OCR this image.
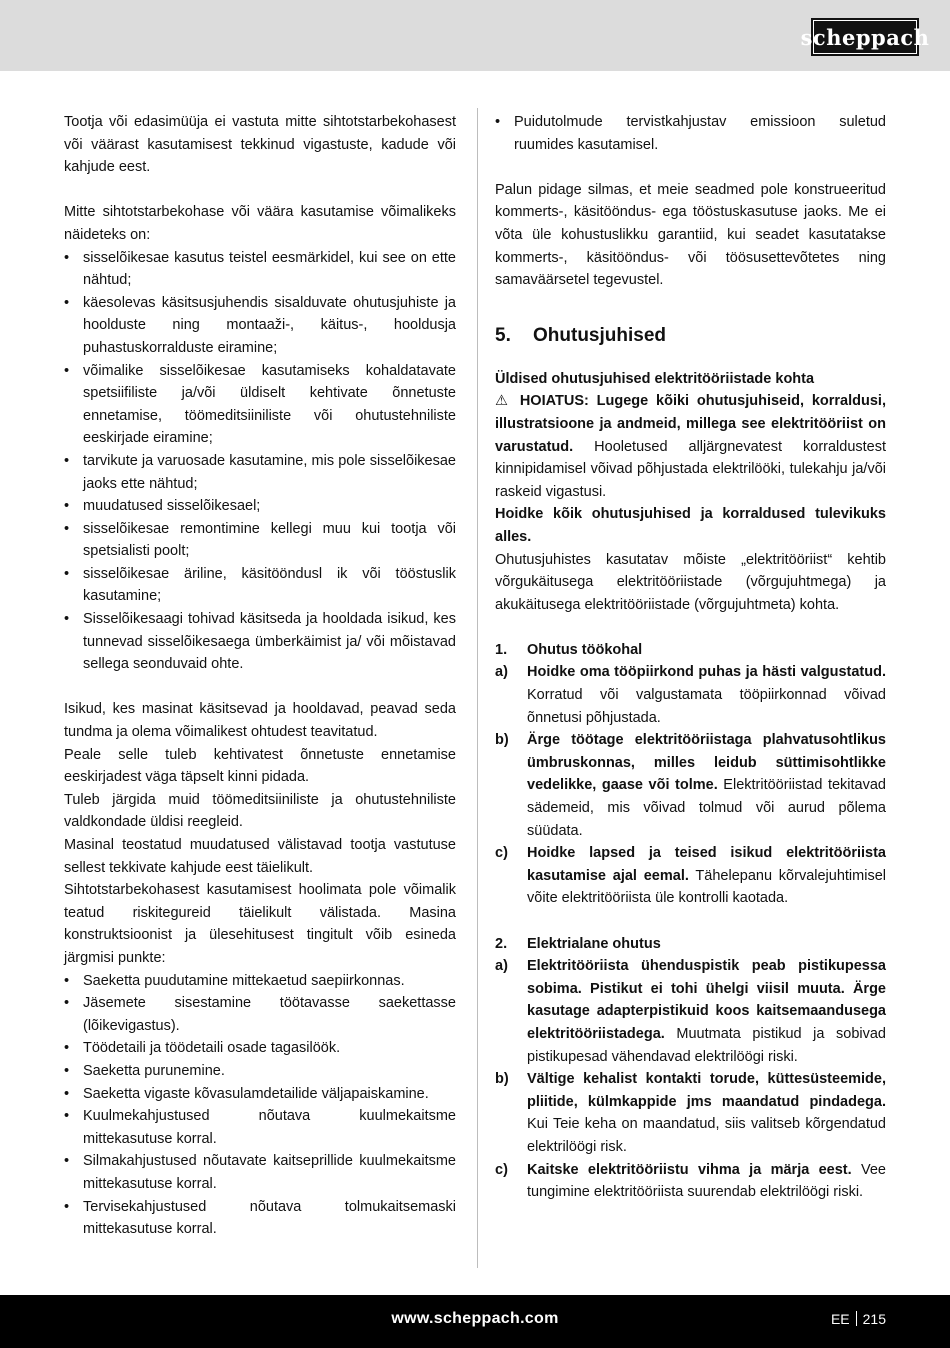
scheppach

Tootja või edasimüüja ei vastuta mitte sihtotstarbekohasest või väärast kasutamisest tekkinud vigastuste, kadude või kahjude eest.

Mitte sihtotstarbekohase või väära kasutamise võimalikeks näideteks on:

• sisselõikesae kasutus teistel eesmärkidel, kui see on ette nähtud;
• käesolevas käsitsusjuhendis sisalduvate ohutusjuhiste ja hoolduste ning montaaži-, käitus-, hooldusja puhastuskorralduste eiramine;
• võimalike sisselõikesae kasutamiseks kohaldatavate spetsiifiliste ja/või üldiselt kehtivate õnnetuste ennetamise, töömeditsiiniliste või ohutustehniliste eeskirjade eiramine;
• tarvikute ja varuosade kasutamine, mis pole sisselõikesae jaoks ette nähtud;
• muudatused sisselõikesael;
• sisselõikesae remontimine kellegi muu kui tootja või spetsialisti poolt;
• sisselõikesae äriline, käsitööndusl ik või tööstuslik kasutamine;
• Sisselõikesaagi tohivad käsitseda ja hooldada isikud, kes tunnevad sisselõikesaega ümberkäimist ja/ või mõistavad sellega seonduvaid ohte.

Isikud, kes masinat käsitsevad ja hooldavad, peavad seda tundma ja olema võimalikest ohtudest teavitatud.

Peale selle tuleb kehtivatest õnnetuste ennetamise eeskirjadest väga täpselt kinni pidada.

Tuleb järgida muid töömeditsiiniliste ja ohutustehniliste valdkondade üldisi reegleid.

Masinal teostatud muudatused välistavad tootja vastutuse sellest tekkivate kahjude eest täielikult.

Sihtotstarbekohasest kasutamisest hoolimata pole võimalik teatud riskitegureid täielikult välistada. Masina konstruktsioonist ja ülesehitusest tingitult võib esineda järgmisi punkte:

• Saeketta puudutamine mittekaetud saepiirkonnas.
• Jäsemete sisestamine töötavasse saekettasse (lõikevigastus).
• Töödetaili ja töödetaili osade tagasilöök.
• Saeketta purunemine.
• Saeketta vigaste kõvasulamdetailide väljapaiskamine.
• Kuulmekahjustused nõutava kuulmekaitsme mittekasutuse korral.
• Silmakahjustused nõutavate kaitseprillide kuulmekaitsme mittekasutuse korral.
• Tervisekahjustused nõutava tolmukaitsemaski mittekasutuse korral.
• Puidutolmude tervistkahjustav emissioon suletud ruumides kasutamisel.

Palun pidage silmas, et meie seadmed pole konstrueeritud kommerts-, käsitööndus- ega tööstuskasutuse jaoks. Me ei võta üle kohustuslikku garantiid, kui seadet kasutatakse kommerts-, käsitööndus- või töösusettevõtetes ning samaväärsetel tegevustel.

5. Ohutusjuhised

Üldised ohutusjuhised elektritööriistade kohta

⚠ HOIATUS: Lugege kõiki ohutusjuhiseid, korraldusi, illustratsioone ja andmeid, millega see elektritööriist on varustatud. Hooletused alljärgnevatest korraldustest kinnipidamisel võivad põhjustada elektrilööki, tulekahju ja/või raskeid vigastusi.

Hoidke kõik ohutusjuhised ja korraldused tulevikuks alles.

Ohutusjuhistes kasutatav mõiste „elektritööriist“ kehtib võrgukäitusega elektritööriistade (võrgujuhtmega) ja akukäitusega elektritööriistade (võrgujuhtmeta) kohta.

1. Ohutus töökohal

a) Hoidke oma tööpiirkond puhas ja hästi valgustatud. Korratud või valgustamata tööpiirkonnad võivad õnnetusi põhjustada.
b) Ärge töötage elektritööriistaga plahvatusohtlikus ümbruskonnas, milles leidub süttimisohtlikke vedelikke, gaase või tolme. Elektritööriistad tekitavad sädemeid, mis võivad tolmud või aurud põlema süüdata.
c) Hoidke lapsed ja teised isikud elektritööriista kasutamise ajal eemal. Tähelepanu kõrvalejuhtimisel võite elektritööriista üle kontrolli kaotada.

2. Elektrialane ohutus

a) Elektritööriista ühenduspistik peab pistikupessa sobima. Pistikut ei tohi ühelgi viisil muuta. Ärge kasutage adapterpistikuid koos kaitsemaandusega elektritööriistadega. Muutmata pistikud ja sobivad pistikupesad vähendavad elektrilöögi riski.
b) Vältige kehalist kontakti torude, küttesüsteemide, pliitide, külmkappide jms maandatud pindadega. Kui Teie keha on maandatud, siis valitseb kõrgendatud elektrilöögi risk.
c) Kaitske elektritööriistu vihma ja märja eest. Vee tungimine elektritööriista suurendab elektrilöögi riski.
www.scheppach.com	EE 215
